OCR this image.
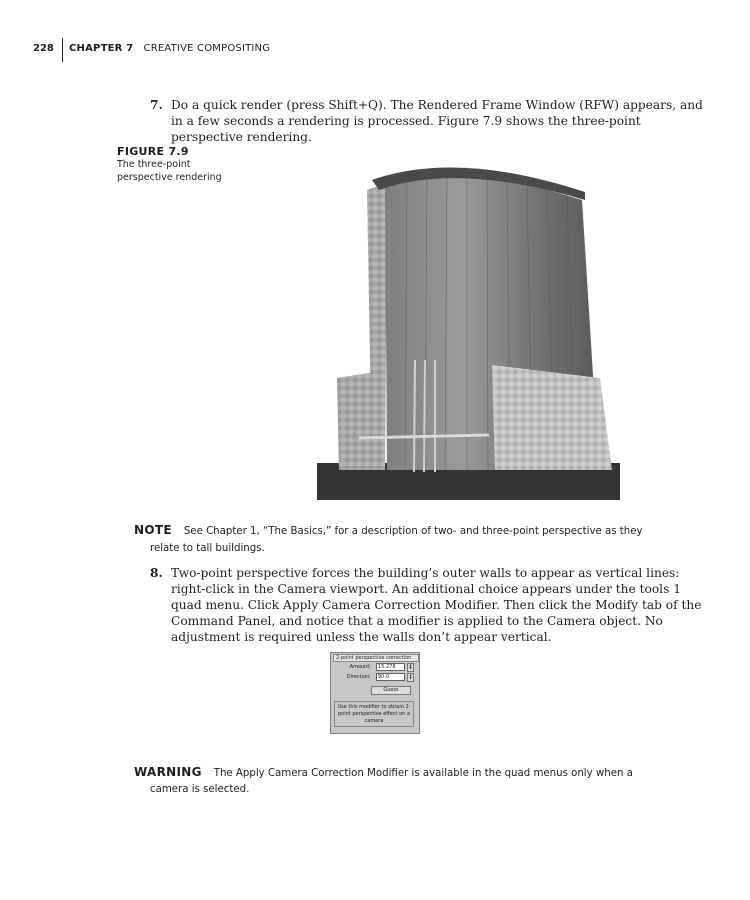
228 CHAPTER 7 CREATIVE COMPOSITING
7. Do a quick render (press Shift+Q). The Rendered Frame Window (RFW) appears, and in a few seconds a rendering is processed. Figure 7.9 shows the three-point perspective rendering.
FIGURE 7.9
The three-point
perspective rendering
NOTE See Chapter 1, “The Basics,” for a description of two- and three-point perspective as they
relate to tall buildings.
8. Two-point perspective forces the building’s outer walls to appear as vertical lines: right-click in the Camera viewport. An additional choice appears under the tools 1 quad menu. Click Apply Camera Correction Modifier. Then click the Modify tab of the Command Panel, and notice that a modifier is applied to the Camera object. No adjustment is required unless the walls don’t appear vertical.
2-point perspective correction
Amount:	15.278	▲
▼
Direction:	90.0	▲
▼
Guess
Use this modifier to obtain 2-point perspective effect on a camera
WARNING The Apply Camera Correction Modifier is available in the quad menus only when a
camera is selected.
